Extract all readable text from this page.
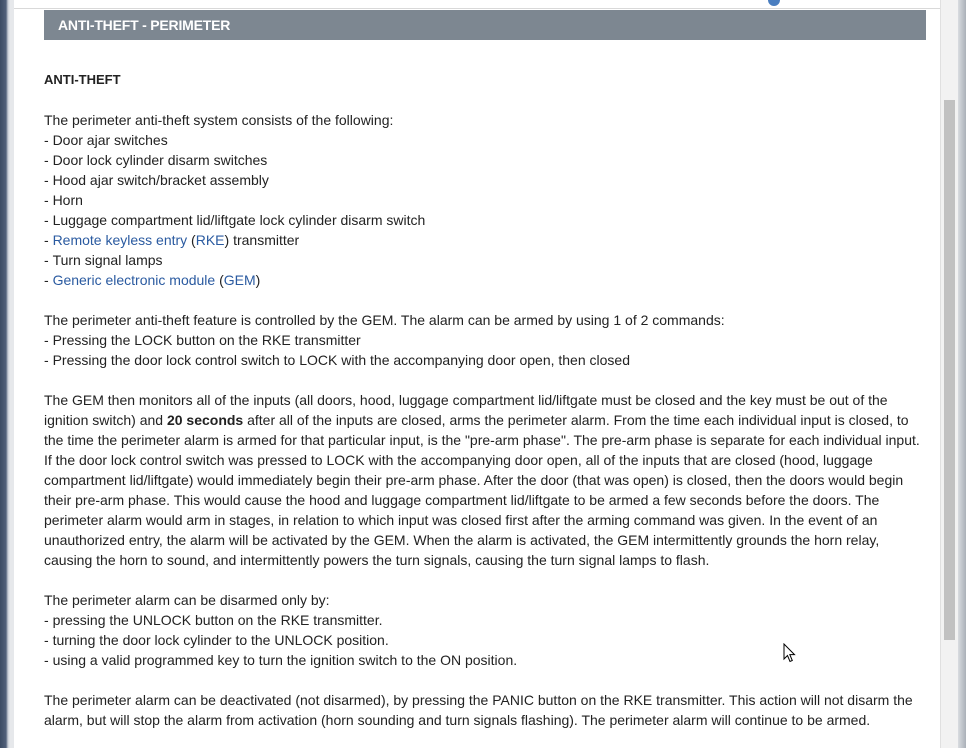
ANTI-THEFT - PERIMETER
ANTI-THEFT

The perimeter anti-theft system consists of the following:

- Door ajar switches
- Door lock cylinder disarm switches
- Hood ajar switch/bracket assembly
- Horn
- Luggage compartment lid/liftgate lock cylinder disarm switch
- Remote keyless entry (RKE) transmitter
- Turn signal lamps
- Generic electronic module (GEM)

The perimeter anti-theft feature is controlled by the GEM. The alarm can be armed by using 1 of 2 commands:

- Pressing the LOCK button on the RKE transmitter
- Pressing the door lock control switch to LOCK with the accompanying door open, then closed

The GEM then monitors all of the inputs (all doors, hood, luggage compartment lid/liftgate must be closed and the key must be out of the ignition switch) and 20 seconds after all of the inputs are closed, arms the perimeter alarm. From the time each individual input is closed, to the time the perimeter alarm is armed for that particular input, is the "pre-arm phase". The pre-arm phase is separate for each individual input. If the door lock control switch was pressed to LOCK with the accompanying door open, all of the inputs that are closed (hood, luggage compartment lid/liftgate) would immediately begin their pre-arm phase. After the door (that was open) is closed, then the doors would begin their pre-arm phase. This would cause the hood and luggage compartment lid/liftgate to be armed a few seconds before the doors. The perimeter alarm would arm in stages, in relation to which input was closed first after the arming command was given. In the event of an unauthorized entry, the alarm will be activated by the GEM. When the alarm is activated, the GEM intermittently grounds the horn relay, causing the horn to sound, and intermittently powers the turn signals, causing the turn signal lamps to flash.

The perimeter alarm can be disarmed only by:

- pressing the UNLOCK button on the RKE transmitter.
- turning the door lock cylinder to the UNLOCK position.
- using a valid programmed key to turn the ignition switch to the ON position.

The perimeter alarm can be deactivated (not disarmed), by pressing the PANIC button on the RKE transmitter. This action will not disarm the alarm, but will stop the alarm from activation (horn sounding and turn signals flashing). The perimeter alarm will continue to be armed.
